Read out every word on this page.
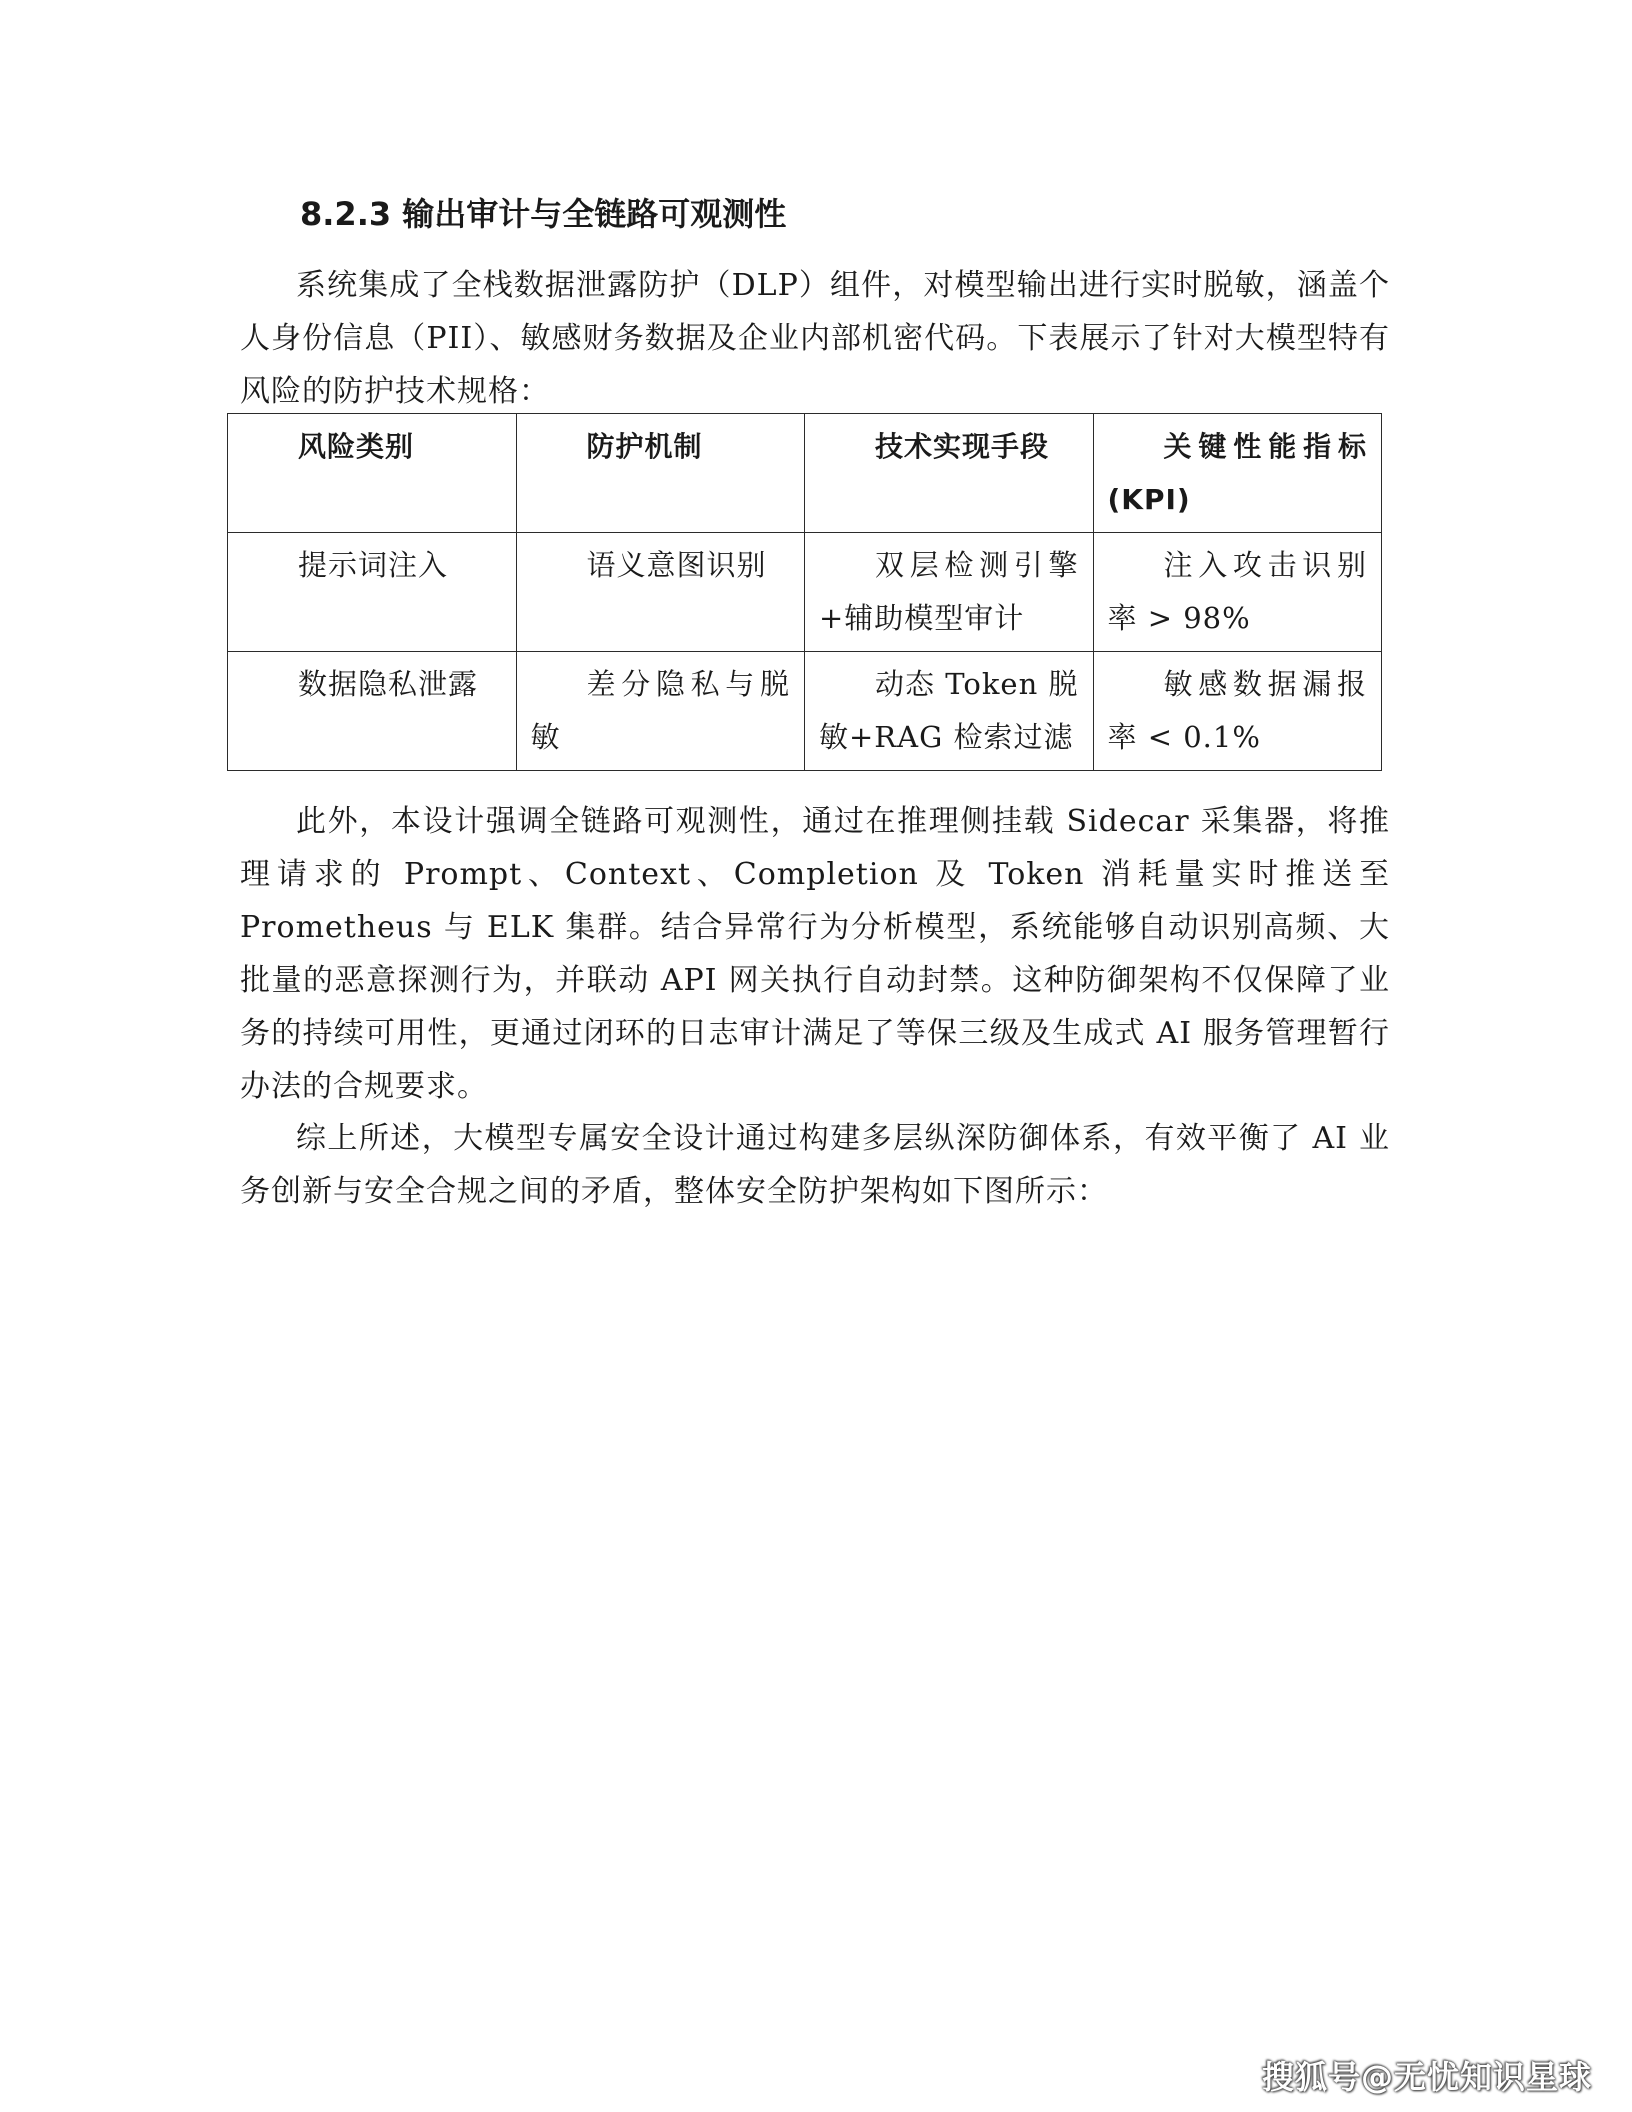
8.2.3 输出审计与全链路可观测性

系统集成了全栈数据泄露防护（DLP）组件，对模型输出进行实时脱敏，涵盖个人身份信息（PII）、敏感财务数据及企业内部机密代码。下表展示了针对大模型特有风险的防护技术规格：

风险类别	防护机制	技术实现手段	关键性能指标(KPI)

提示词注入	语义意图识别	双层检测引擎+辅助模型审计	注入攻击识别率 > 98%

数据隐私泄露	差分隐私与脱敏	动态 Token 脱敏+RAG 检索过滤	敏感数据漏报率 < 0.1%

此外，本设计强调全链路可观测性，通过在推理侧挂载 Sidecar 采集器，将推理请求的 Prompt、Context、Completion 及 Token 消耗量实时推送至 Prometheus 与 ELK 集群。结合异常行为分析模型，系统能够自动识别高频、大批量的恶意探测行为，并联动 API 网关执行自动封禁。这种防御架构不仅保障了业务的持续可用性，更通过闭环的日志审计满足了等保三级及生成式 AI 服务管理暂行办法的合规要求。

综上所述，大模型专属安全设计通过构建多层纵深防御体系，有效平衡了 AI 业务创新与安全合规之间的矛盾，整体安全防护架构如下图所示：

搜狐号@无忧知识星球
